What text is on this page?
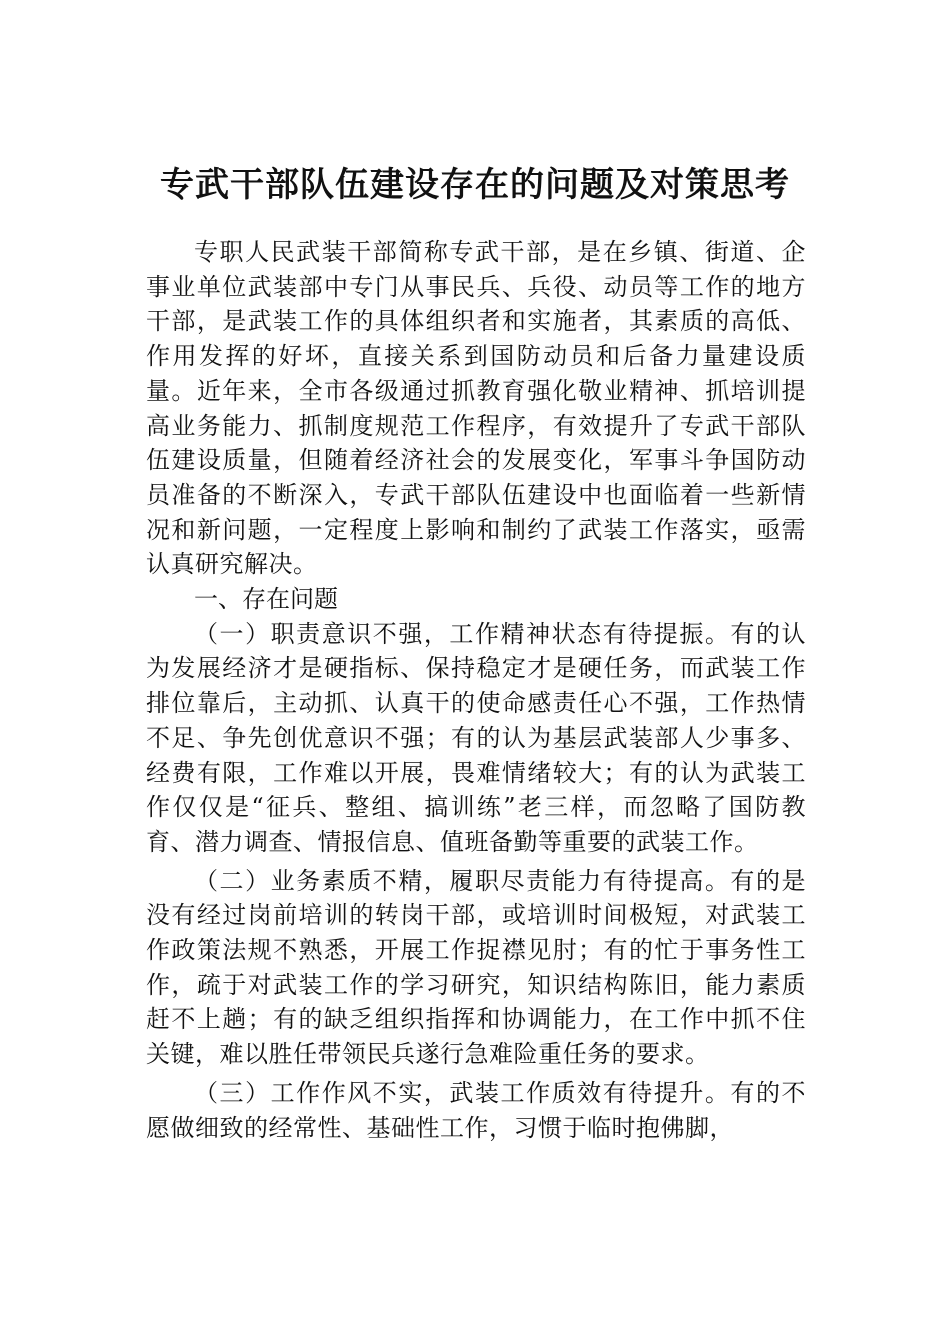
专武干部队伍建设存在的问题及对策思考

专职人民武装干部简称专武干部，是在乡镇、街道、企事业单位武装部中专门从事民兵、兵役、动员等工作的地方干部，是武装工作的具体组织者和实施者，其素质的高低、作用发挥的好坏，直接关系到国防动员和后备力量建设质量。近年来，全市各级通过抓教育强化敬业精神、抓培训提高业务能力、抓制度规范工作程序，有效提升了专武干部队伍建设质量，但随着经济社会的发展变化，军事斗争国防动员准备的不断深入，专武干部队伍建设中也面临着一些新情况和新问题，一定程度上影响和制约了武装工作落实，亟需认真研究解决。

一、存在问题

（一）职责意识不强，工作精神状态有待提振。有的认为发展经济才是硬指标、保持稳定才是硬任务，而武装工作排位靠后，主动抓、认真干的使命感责任心不强，工作热情不足、争先创优意识不强；有的认为基层武装部人少事多、经费有限，工作难以开展，畏难情绪较大；有的认为武装工作仅仅是“征兵、整组、搞训练”老三样，而忽略了国防教育、潜力调查、情报信息、值班备勤等重要的武装工作。

（二）业务素质不精，履职尽责能力有待提高。有的是没有经过岗前培训的转岗干部，或培训时间极短，对武装工作政策法规不熟悉，开展工作捉襟见肘；有的忙于事务性工作，疏于对武装工作的学习研究，知识结构陈旧，能力素质赶不上趟；有的缺乏组织指挥和协调能力，在工作中抓不住关键，难以胜任带领民兵遂行急难险重任务的要求。

（三）工作作风不实，武装工作质效有待提升。有的不愿做细致的经常性、基础性工作，习惯于临时抱佛脚，
